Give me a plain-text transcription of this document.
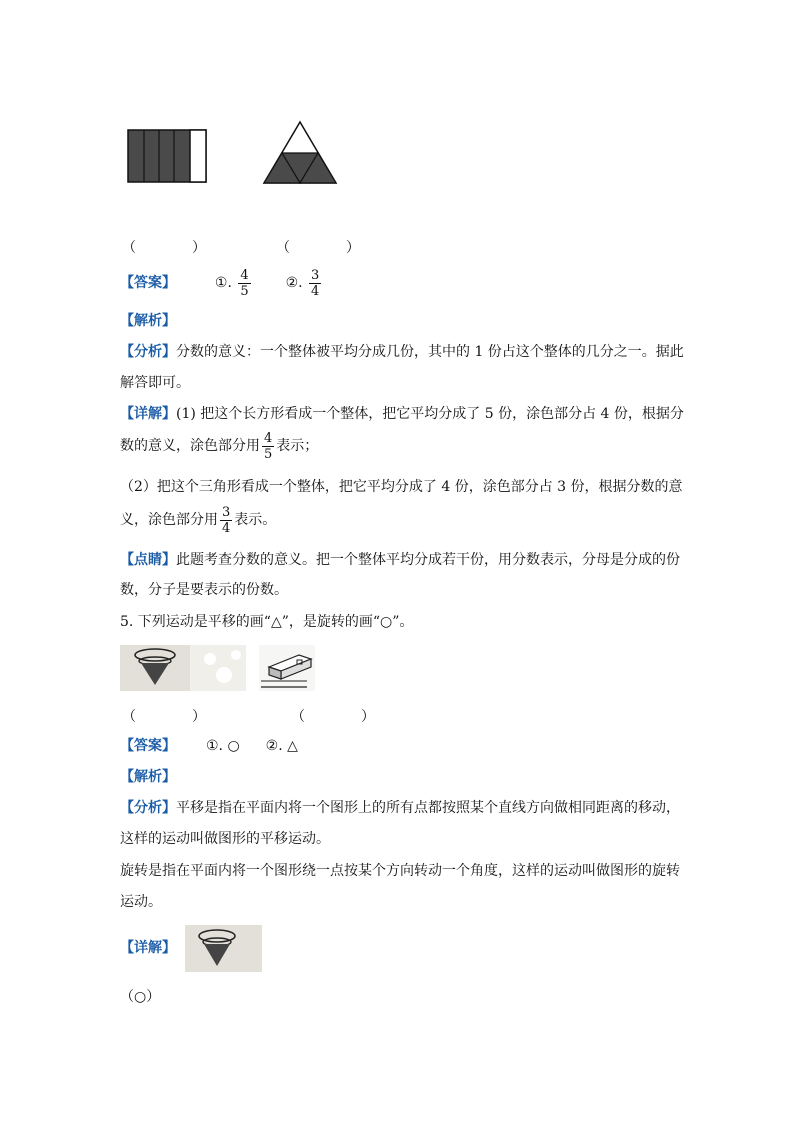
（　　　　）	（　　　　）
【答案】	①. $\frac{4}{5}$ ②. $\frac{3}{4}$
【解析】
【分析】分数的意义：一个整体被平均分成几份，其中的 1 份占这个整体的几分之一。据此
解答即可。
【详解】(1) 把这个长方形看成一个整体，把它平均分成了 5 份，涂色部分占 4 份，根据分
数的意义，涂色部分用 $\frac{4}{5}$ 表示；
（2）把这个三角形看成一个整体，把它平均分成了 4 份，涂色部分占 3 份，根据分数的意
义，涂色部分用 $\frac{3}{4}$ 表示。
【点睛】此题考查分数的意义。把一个整体平均分成若干份，用分数表示，分母是分成的份
数，分子是要表示的份数。
5. 下列运动是平移的画“△”，是旋转的画“○”。
（　　　　）	（　　　　）
【答案】 ①. ○ ②. △
【解析】
【分析】平移是指在平面内将一个图形上的所有点都按照某个直线方向做相同距离的移动，
这样的运动叫做图形的平移运动。
旋转是指在平面内将一个图形绕一点按某个方向转动一个角度，这样的运动叫做图形的旋转
运动。
【详解】
（○）
